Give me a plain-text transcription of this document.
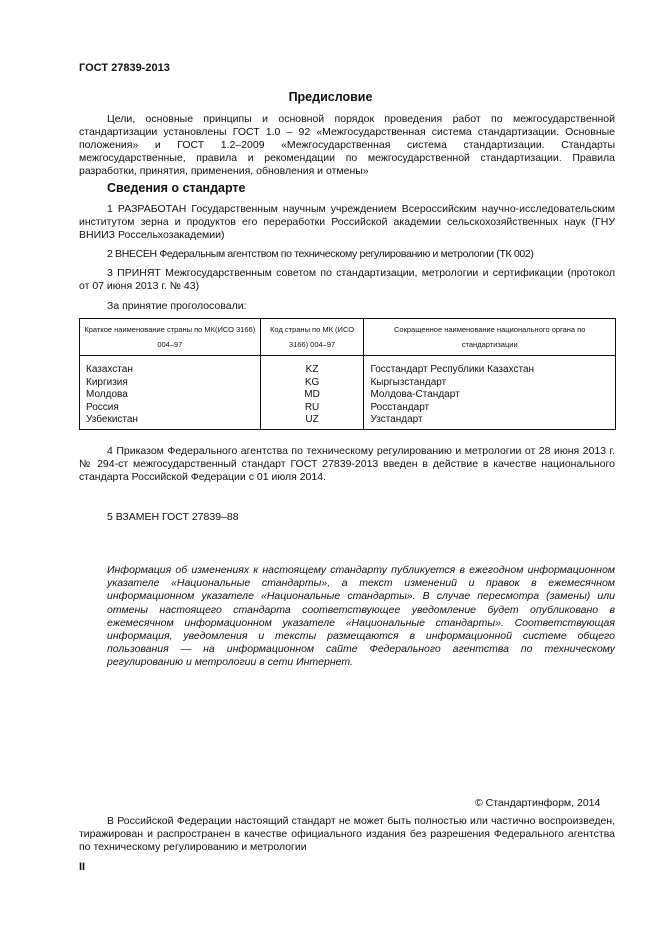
ГОСТ 27839-2013
Предисловие
Цели, основные принципы и основной порядок проведения работ по межгосударственной стандартизации установлены ГОСТ 1.0 – 92 «Межгосударственная система стандартизации. Основные положения» и ГОСТ 1.2–2009 «Межгосударственная система стандартизации. Стандарты межгосударственные, правила и рекомендации по межгосударственной стандартизации. Правила разработки, принятия, применения, обновления и отмены»
Сведения о стандарте
1 РАЗРАБОТАН Государственным научным учреждением Всероссийским научно-исследовательским институтом зерна и продуктов его переработки Российской академии сельскохозяйственных наук (ГНУ ВНИИЗ Россельхозакадемии)
2 ВНЕСЕН Федеральным агентством по техническому регулированию и метрологии (ТК 002)
3 ПРИНЯТ Межгосударственным советом по стандартизации, метрологии и сертификации (протокол от 07 июня 2013 г. № 43)
За принятие проголосовали:
Краткое наименование страны по МК(ИСО 3166) 004–97	Код страны по МК (ИСО 3166) 004–97	Сокращенное наименование национального органа по стандартизации
Казахстан	KZ	Госстандарт Республики Казахстан
Киргизия	KG	Кыргызстандарт
Молдова	MD	Молдова-Стандарт
Россия	RU	Росстандарт
Узбекистан	UZ	Узстандарт
4 Приказом Федерального агентства по техническому регулированию и метрологии от 28 июня 2013 г. № 294-ст межгосударственный стандарт ГОСТ 27839-2013 введен в действие в качестве национального стандарта Российской Федерации с 01 июля 2014.
5 ВЗАМЕН ГОСТ 27839–88
Информация об изменениях к настоящему стандарту публикуется в ежегодном информационном указателе «Национальные стандарты», а текст изменений и правок в ежемесячном информационном указателе «Национальные стандарты». В случае пересмотра (замены) или отмены настоящего стандарта соответствующее уведомление будет опубликовано в ежемесячном информационном указателе «Национальные стандарты». Соответствующая информация, уведомления и тексты размещаются в информационной системе общего пользования — на информационном сайте Федерального агентства по техническому регулированию и метрологии в сети Интернет.
© Стандартинформ, 2014
В Российской Федерации настоящий стандарт не может быть полностью или частично воспроизведен, тиражирован и распространен в качестве официального издания без разрешения Федерального агентства по техническому регулированию и метрологии
II
